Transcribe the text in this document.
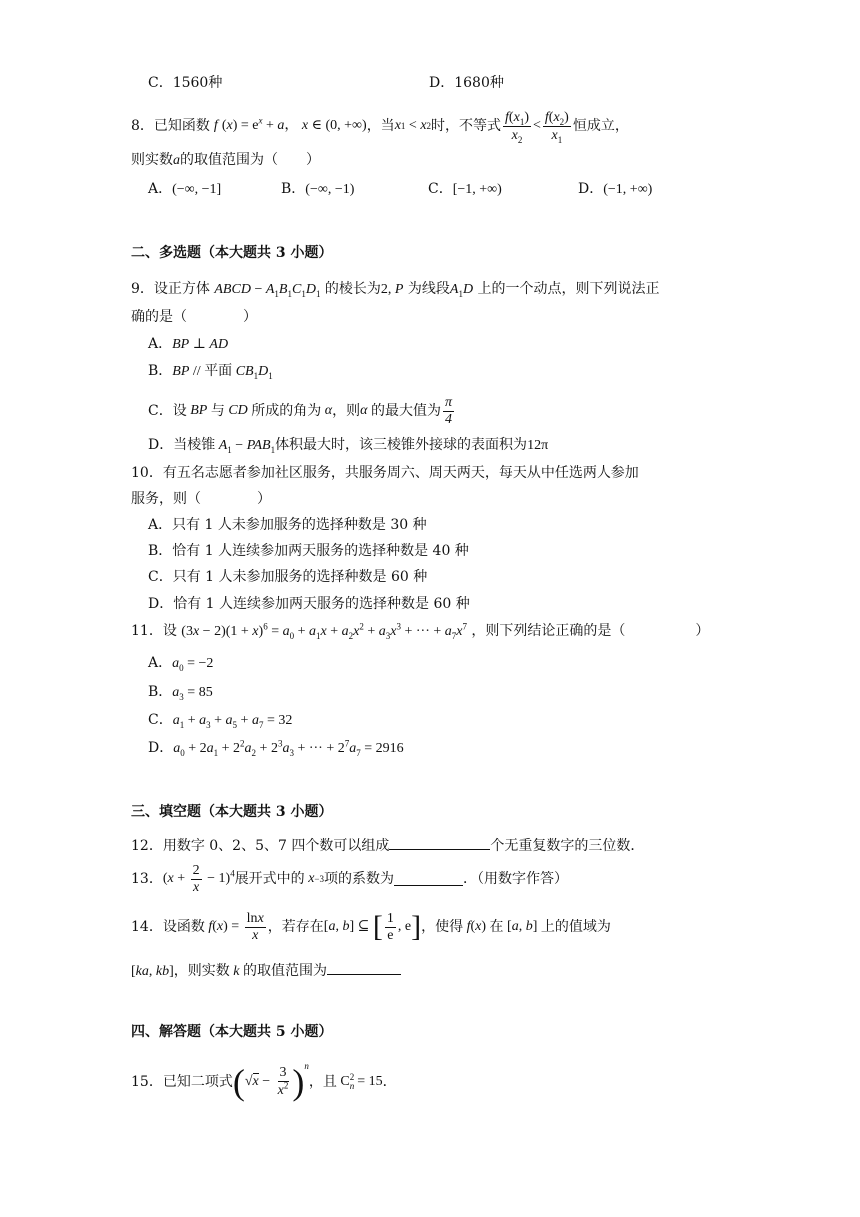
C．1560种	D．1680种
8．已知函数 f ( x ) = $e^x + a$ ， x ∈ (0, +∞) ，当 x 1 < x 2 时，不等式 $\frac{f(x_1)}{x_2} < \frac{f(x_2)}{x_1}$ 恒成立，
则实数a的取值范围为（　　）
A．(−∞, −1]	B．(−∞, −1)	C．[−1, +∞)	D．(−1, +∞)
二、多选题（本大题共 3 小题）
9．设正方体 ABCD − $A_1B_1C_1D_1$ 的棱长为2, P 为线段$A_1D$ 上的一个动点，则下列说法正
确的是（　　　　）
A．BP ⊥ AD
B．BP // 平面 $CB_1D_1$
C．设 BP 与 CD 所成的角为 α ，则 α 的最大值为 $\frac{\pi}{4}$
D．当棱锥 $A_1 - PAB_1$体积最大时，该三棱锥外接球的表面积为12π
10．有五名志愿者参加社区服务，共服务周六、周天两天，每天从中任选两人参加
服务，则（　　　　）
A．只有 1 人未参加服务的选择种数是 30 种
B．恰有 1 人连续参加两天服务的选择种数是 40 种
C．只有 1 人未参加服务的选择种数是 60 种
D．恰有 1 人连续参加两天服务的选择种数是 60 种
11．设 $(3x - 2)(1 + x)^6 = a_0 + a_1x + a_2x^2 + a_3x^3$ + ··· + $a_7x^7$ ，则下列结论正确的是（　　　　　）
A．$a_0 = -2$
B．$a_3 = 85$
C．$a_1 + a_3 + a_5 + a_7 = 32$
D．$a_0 + 2a_1 + 2^2a_2 + 2^3a_3$ + ··· + $2^7a_7 = 2916$
三、填空题（本大题共 3 小题）
12．用数字 0、2、5、7 四个数可以组成	个无重复数字的三位数．
13． ( $x + \frac{2}{x} - 1)^4$ 展开式中的 x −3 项的系数为	．（用数字作答）
14．设函数 f ( x ) = $\frac{\ln x}{x}$ ，若存在 [ a , b ] ⊆ [ $\frac{1}{e}$ , e ] ，使得 f ( x ) 在 [ a , b ] 上的值域为
[ka, kb]，则实数 k 的取值范围为
四、解答题（本大题共 5 小题）
15．已知二项式 ( $√x - \frac{3}{x^2}$ ) n
，且 C 2
n = 15 ．
